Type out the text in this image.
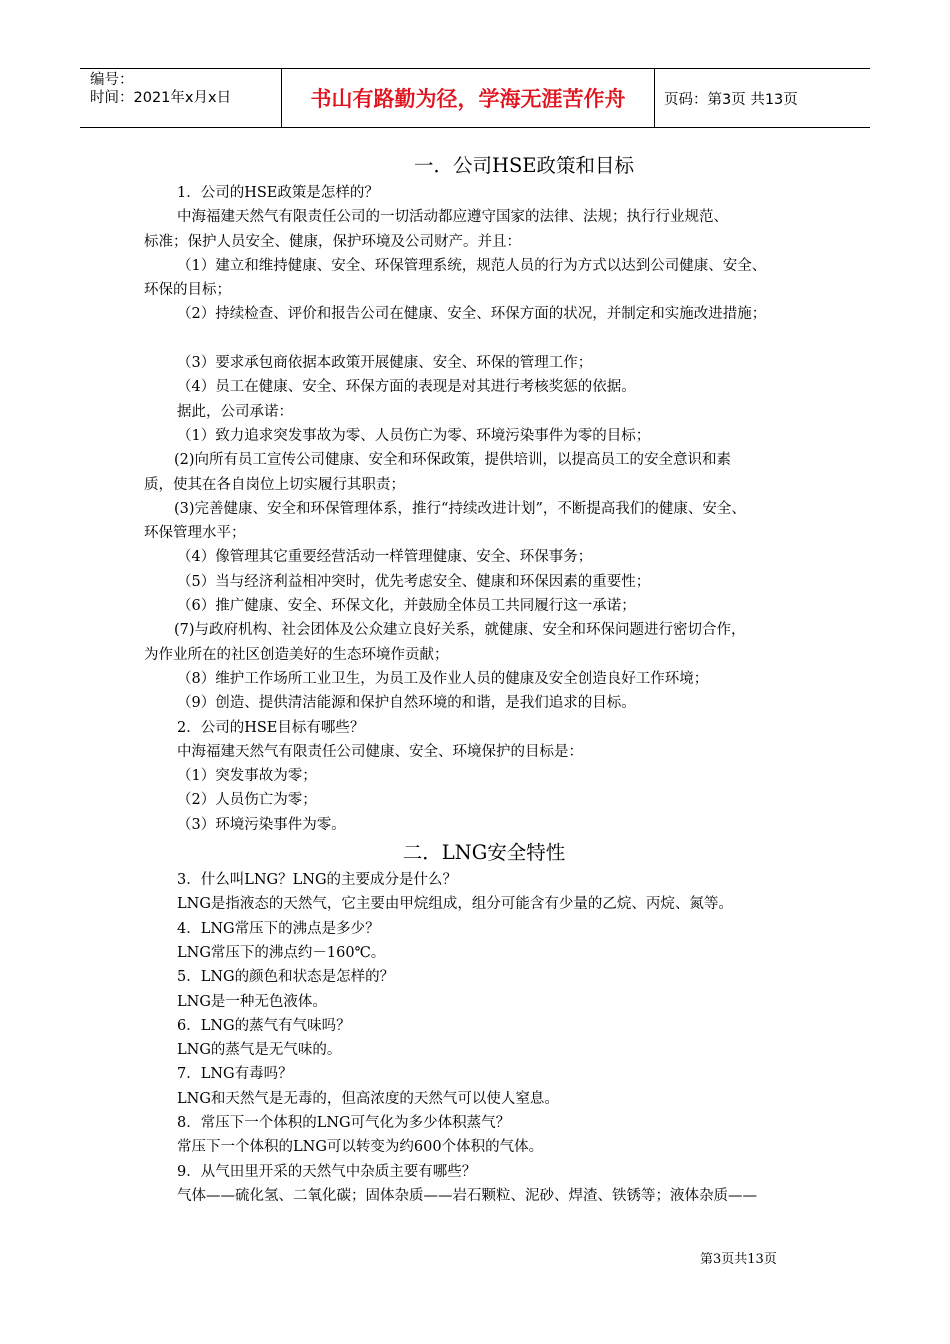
编号：
时间：2021年x月x日	书山有路勤为径，学海无涯苦作舟	页码：第3页 共13页
一．公司HSE政策和目标

1．公司的HSE政策是怎样的？

中海福建天然气有限责任公司的一切活动都应遵守国家的法律、法规；执行行业规范、

标准；保护人员安全、健康，保护环境及公司财产。并且：

（1）建立和维持健康、安全、环保管理系统，规范人员的行为方式以达到公司健康、安全、

环保的目标；

（2）持续检查、评价和报告公司在健康、安全、环保方面的状况，并制定和实施改进措施；

（3）要求承包商依据本政策开展健康、安全、环保的管理工作；

（4）员工在健康、安全、环保方面的表现是对其进行考核奖惩的依据。

据此，公司承诺：

（1）致力追求突发事故为零、人员伤亡为零、环境污染事件为零的目标；

(2)向所有员工宣传公司健康、安全和环保政策，提供培训，以提高员工的安全意识和素

质，使其在各自岗位上切实履行其职责；

(3)完善健康、安全和环保管理体系，推行“持续改进计划”，不断提高我们的健康、安全、

环保管理水平；

（4）像管理其它重要经营活动一样管理健康、安全、环保事务；

（5）当与经济利益相冲突时，优先考虑安全、健康和环保因素的重要性；

（6）推广健康、安全、环保文化，并鼓励全体员工共同履行这一承诺；

(7)与政府机构、社会团体及公众建立良好关系，就健康、安全和环保问题进行密切合作，

为作业所在的社区创造美好的生态环境作贡献；

（8）维护工作场所工业卫生，为员工及作业人员的健康及安全创造良好工作环境；

（9）创造、提供清洁能源和保护自然环境的和谐，是我们追求的目标。

2．公司的HSE目标有哪些？

中海福建天然气有限责任公司健康、安全、环境保护的目标是：

（1）突发事故为零；

（2）人员伤亡为零；

（3）环境污染事件为零。

二．LNG安全特性

3．什么叫LNG？LNG的主要成分是什么？

LNG是指液态的天然气，它主要由甲烷组成，组分可能含有少量的乙烷、丙烷、氮等。

4．LNG常压下的沸点是多少？

LNG常压下的沸点约－160℃。

5．LNG的颜色和状态是怎样的？

LNG是一种无色液体。

6．LNG的蒸气有气味吗？

LNG的蒸气是无气味的。

7．LNG有毒吗？

LNG和天然气是无毒的，但高浓度的天然气可以使人窒息。

8．常压下一个体积的LNG可气化为多少体积蒸气？

常压下一个体积的LNG可以转变为约600个体积的气体。

9．从气田里开采的天然气中杂质主要有哪些？

气体——硫化氢、二氧化碳；固体杂质——岩石颗粒、泥砂、焊渣、铁锈等；液体杂质——

第3页共13页
